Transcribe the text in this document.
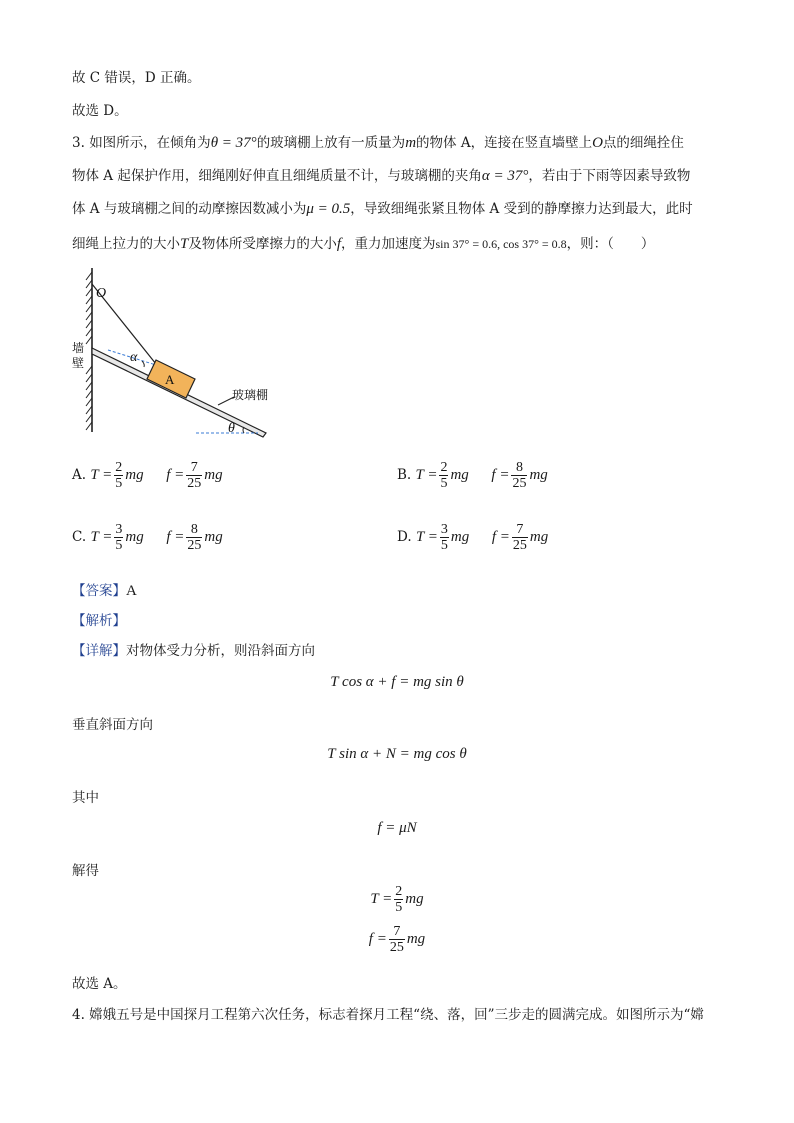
故 C 错误，D 正确。
故选 D。
3. 如图所示，在倾角为θ = 37°的玻璃棚上放有一质量为m的物体 A，连接在竖直墙壁上O点的细绳拴住
物体 A 起保护作用，细绳刚好伸直且细绳质量不计，与玻璃棚的夹角α = 37°，若由于下雨等因素导致物
体 A 与玻璃棚之间的动摩擦因数减小为μ = 0.5，导致细绳张紧且物体 A 受到的静摩擦力达到最大，此时
细绳上拉力的大小T及物体所受摩擦力的大小f，重力加速度为sin 37° = 0.6, cos 37° = 0.8，则：（　　）
O
墙
壁	α
A
玻璃棚
θ
A. $T = \frac{2}{5}$ mg $f = \frac{7}{25}$ mg	B. $T = \frac{2}{5}$ mg $f = \frac{8}{25}$ mg
C. $T = \frac{3}{5}$ mg $f = \frac{8}{25}$ mg	D. $T = \frac{3}{5}$ mg $f = \frac{7}{25}$ mg
【答案】A
【解析】
【详解】对物体受力分析，则沿斜面方向
T cos α + f = mg sin θ
垂直斜面方向
T sin α + N = mg cos θ
其中
f = μN
解得
$T = \frac{2}{5}$ mg
$f = \frac{7}{25}$ mg
故选 A。
4. 嫦娥五号是中国探月工程第六次任务，标志着探月工程“绕、落，回”三步走的圆满完成。如图所示为“嫦
